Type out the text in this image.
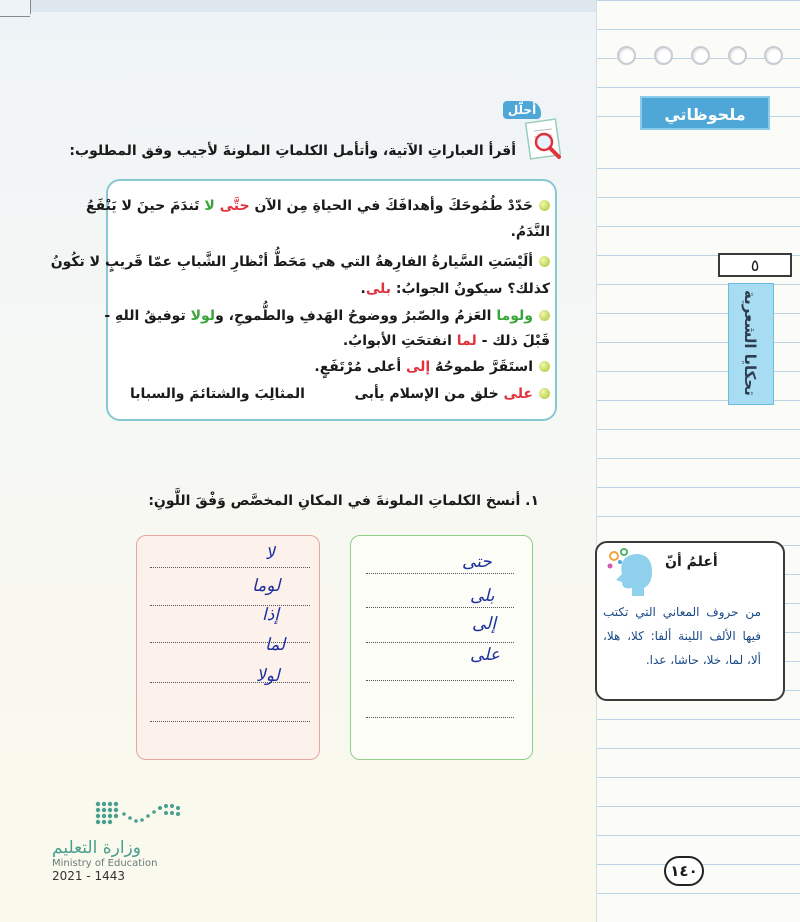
ملحوظاتي
٥
تحكايا الشعرية
أحلّل
أقرأ العباراتِ الآتية، وأتأمل الكلماتِ الملونةَ لأجيب وفق المطلوب:
حَدّدْ طُمُوحَكَ وأهدافَكَ في الحياةِ مِن الآن حتَّى لا تَندَمَ حينَ لا يَنْفَعُ
النَّدَمُ.
ألَيْسَتِ السَّيارةُ الفارِهةُ التي هي مَحَطُّ أنْظارِ الشَّبابِ عمّا قَريبٍ لا تكُونُ
كذلك؟ سيكونُ الجوابُ: بلى.
ولوما العَزمُ والصّبرُ ووضوحُ الهَدفِ والطُّموحِ، ولولا توفيقُ اللهِ -
قَبْلَ ذلك - لما انفتحَتِ الأبوابُ.
استَقَرَّ طموحُهُ إلى أعلى مُرْتَفَعٍ.
على خلق من الإسلام يأبى
المثالِبَ والشتائمَ والسبابا
١. أنسخ الكلماتِ الملونةَ في المكانِ المخصَّص وَفْقَ اللَّونِ:
حتى
بلى
إلى
على
لا
لوما
إذا
لما
لولا
أعلمُ أنّ
من حروف المعاني التي تكتب فيها الألف اللينة ألفا: كلا، هلا، ألا، لما، خلا، حاشا، عدا.
وزارة التعليم
Ministry of Education
2021 - 1443	١٤٠
